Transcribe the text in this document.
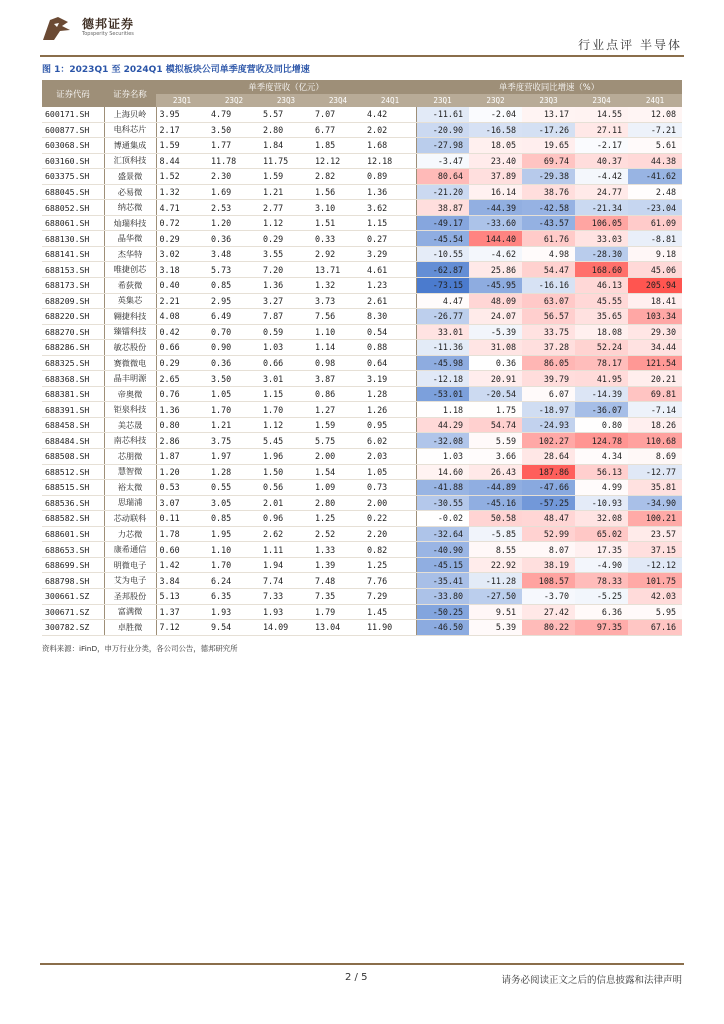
德邦证券
Topsperity Securities
行业点评 半导体
图 1：2023Q1 至 2024Q1 模拟板块公司单季度营收及同比增速
证券代码	证券名称	单季度营收（亿元）					单季度营收同比增速（%）				
		23Q1	23Q2	23Q3	23Q4	24Q1	23Q1	23Q2	23Q3	23Q4	24Q1
600171.SH	上海贝岭	3.95	4.79	5.57	7.07	4.42	-11.61	-2.04	13.17	14.55	12.08
600877.SH	电科芯片	2.17	3.50	2.80	6.77	2.02	-20.90	-16.58	-17.26	27.11	-7.21
603068.SH	博通集成	1.59	1.77	1.84	1.85	1.68	-27.98	18.05	19.65	-2.17	5.61
603160.SH	汇顶科技	8.44	11.78	11.75	12.12	12.18	-3.47	23.40	69.74	40.37	44.38
603375.SH	盛景微	1.52	2.30	1.59	2.82	0.89	80.64	37.89	-29.38	-4.42	-41.62
688045.SH	必易微	1.32	1.69	1.21	1.56	1.36	-21.20	16.14	38.76	24.77	2.48
688052.SH	纳芯微	4.71	2.53	2.77	3.10	3.62	38.87	-44.39	-42.58	-21.34	-23.04
688061.SH	灿瑞科技	0.72	1.20	1.12	1.51	1.15	-49.17	-33.60	-43.57	106.05	61.09
688130.SH	晶华微	0.29	0.36	0.29	0.33	0.27	-45.54	144.40	61.76	33.03	-8.81
688141.SH	杰华特	3.02	3.48	3.55	2.92	3.29	-10.55	-4.62	4.98	-28.30	9.18
688153.SH	唯捷创芯	3.18	5.73	7.20	13.71	4.61	-62.87	25.86	54.47	168.60	45.06
688173.SH	希荻微	0.40	0.85	1.36	1.32	1.23	-73.15	-45.95	-16.16	46.13	205.94
688209.SH	英集芯	2.21	2.95	3.27	3.73	2.61	4.47	48.09	63.07	45.55	18.41
688220.SH	翱捷科技	4.08	6.49	7.87	7.56	8.30	-26.77	24.07	56.57	35.65	103.34
688270.SH	臻镭科技	0.42	0.70	0.59	1.10	0.54	33.01	-5.39	33.75	18.08	29.30
688286.SH	敏芯股份	0.66	0.90	1.03	1.14	0.88	-11.36	31.08	37.28	52.24	34.44
688325.SH	赛微微电	0.29	0.36	0.66	0.98	0.64	-45.98	0.36	86.05	78.17	121.54
688368.SH	晶丰明源	2.65	3.50	3.01	3.87	3.19	-12.18	20.91	39.79	41.95	20.21
688381.SH	帝奥微	0.76	1.05	1.15	0.86	1.28	-53.01	-20.54	6.07	-14.39	69.81
688391.SH	钜泉科技	1.36	1.70	1.70	1.27	1.26	1.18	1.75	-18.97	-36.07	-7.14
688458.SH	美芯晟	0.80	1.21	1.12	1.59	0.95	44.29	54.74	-24.93	0.80	18.26
688484.SH	南芯科技	2.86	3.75	5.45	5.75	6.02	-32.08	5.59	102.27	124.78	110.68
688508.SH	芯朋微	1.87	1.97	1.96	2.00	2.03	1.03	3.66	28.64	4.34	8.69
688512.SH	慧智微	1.20	1.28	1.50	1.54	1.05	14.60	26.43	187.86	56.13	-12.77
688515.SH	裕太微	0.53	0.55	0.56	1.09	0.73	-41.88	-44.89	-47.66	4.99	35.81
688536.SH	思瑞浦	3.07	3.05	2.01	2.80	2.00	-30.55	-45.16	-57.25	-10.93	-34.90
688582.SH	芯动联科	0.11	0.85	0.96	1.25	0.22	-0.02	50.58	48.47	32.08	100.21
688601.SH	力芯微	1.78	1.95	2.62	2.52	2.20	-32.64	-5.85	52.99	65.02	23.57
688653.SH	康希通信	0.60	1.10	1.11	1.33	0.82	-40.90	8.55	8.07	17.35	37.15
688699.SH	明微电子	1.42	1.70	1.94	1.39	1.25	-45.15	22.92	38.19	-4.90	-12.12
688798.SH	艾为电子	3.84	6.24	7.74	7.48	7.76	-35.41	-11.28	108.57	78.33	101.75
300661.SZ	圣邦股份	5.13	6.35	7.33	7.35	7.29	-33.80	-27.50	-3.70	-5.25	42.03
300671.SZ	富满微	1.37	1.93	1.93	1.79	1.45	-50.25	9.51	27.42	6.36	5.95
300782.SZ	卓胜微	7.12	9.54	14.09	13.04	11.90	-46.50	5.39	80.22	97.35	67.16
资料来源：iFinD，申万行业分类，各公司公告，德邦研究所
2 / 5	请务必阅读正文之后的信息披露和法律声明
